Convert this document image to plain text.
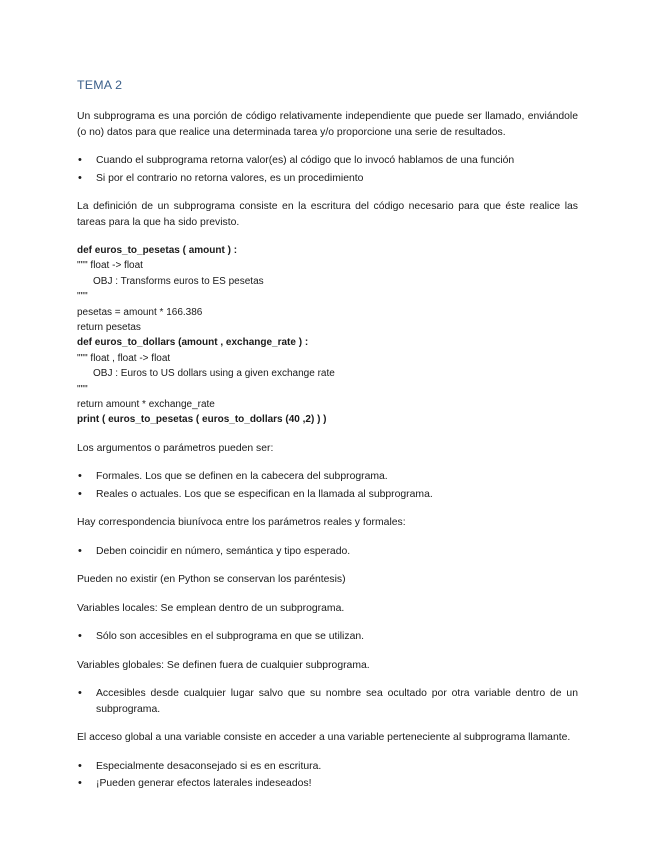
TEMA 2

Un subprograma es una porción de código relativamente independiente que puede ser llamado, enviándole (o no) datos para que realice una determinada tarea y/o proporcione una serie de resultados.

• Cuando el subprograma retorna valor(es) al código que lo invocó hablamos de una función
• Si por el contrario no retorna valores, es un procedimiento

La definición de un subprograma consiste en la escritura del código necesario para que éste realice las tareas para la que ha sido previsto.

def euros_to_pesetas ( amount ) :
""" float -> float
OBJ : Transforms euros to ES pesetas
"""
pesetas = amount * 166.386
return pesetas
def euros_to_dollars (amount , exchange_rate ) :
""" float , float -> float
OBJ : Euros to US dollars using a given exchange rate
"""
return amount * exchange_rate
print ( euros_to_pesetas ( euros_to_dollars (40 ,2) ) )

Los argumentos o parámetros pueden ser:

• Formales. Los que se definen en la cabecera del subprograma.
• Reales o actuales. Los que se especifican en la llamada al subprograma.

Hay correspondencia biunívoca entre los parámetros reales y formales:

• Deben coincidir en número, semántica y tipo esperado.

Pueden no existir (en Python se conservan los paréntesis)

Variables locales: Se emplean dentro de un subprograma.

• Sólo son accesibles en el subprograma en que se utilizan.

Variables globales: Se definen fuera de cualquier subprograma.

• Accesibles desde cualquier lugar salvo que su nombre sea ocultado por otra variable dentro de un subprograma.

El acceso global a una variable consiste en acceder a una variable perteneciente al subprograma llamante.

• Especialmente desaconsejado si es en escritura.
• ¡Pueden generar efectos laterales indeseados!
